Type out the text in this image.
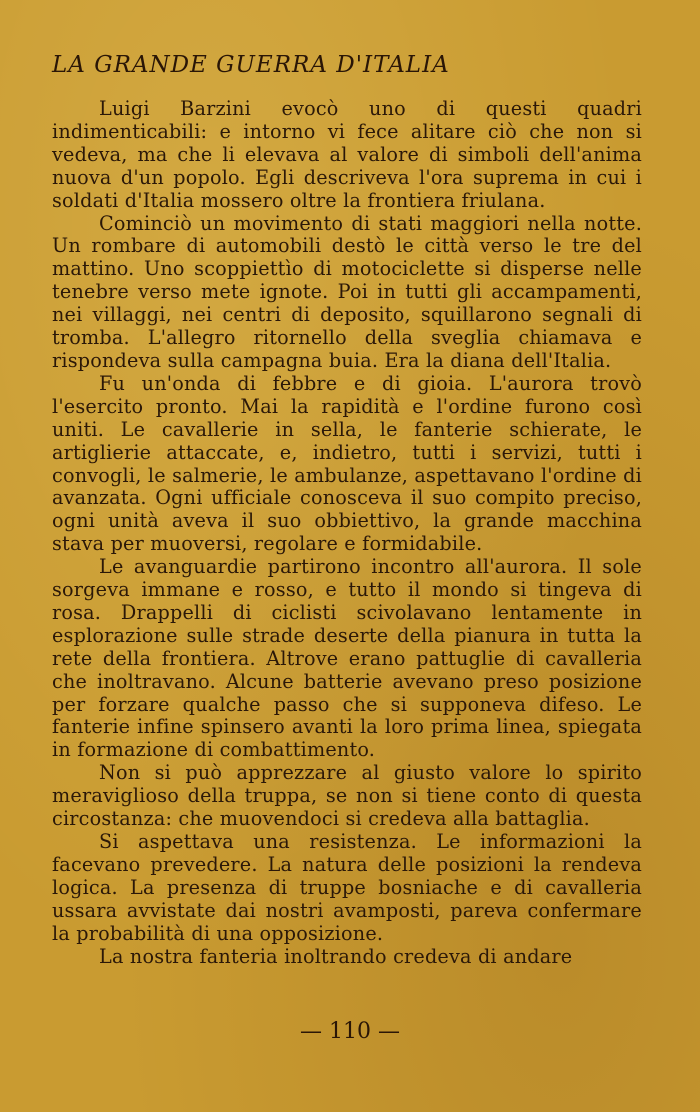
LA GRANDE GUERRA D'ITALIA

Luigi Barzini evocò uno di questi quadri indimenticabili: e intorno vi fece alitare ciò che non si vedeva, ma che li elevava al valore di simboli dell'anima nuova d'un popolo. Egli descriveva l'ora suprema in cui i soldati d'Italia mossero oltre la frontiera friulana.

Cominciò un movimento di stati maggiori nella notte. Un rombare di automobili destò le città verso le tre del mattino. Uno scoppiettìo di motociclette si disperse nelle tenebre verso mete ignote. Poi in tutti gli accampamenti, nei villaggi, nei centri di deposito, squillarono segnali di tromba. L'allegro ritornello della sveglia chiamava e rispondeva sulla campagna buia. Era la diana dell'Italia.

Fu un'onda di febbre e di gioia. L'aurora trovò l'esercito pronto. Mai la rapidità e l'ordine furono così uniti. Le cavallerie in sella, le fanterie schierate, le artiglierie attaccate, e, indietro, tutti i servizi, tutti i convogli, le salmerie, le ambulanze, aspettavano l'ordine di avanzata. Ogni ufficiale conosceva il suo compito preciso, ogni unità aveva il suo obbiettivo, la grande macchina stava per muoversi, regolare e formidabile.

Le avanguardie partirono incontro all'aurora. Il sole sorgeva immane e rosso, e tutto il mondo si tingeva di rosa. Drappelli di ciclisti scivolavano lentamente in esplorazione sulle strade deserte della pianura in tutta la rete della frontiera. Altrove erano pattuglie di cavalleria che inoltravano. Alcune batterie avevano preso posizione per forzare qualche passo che si supponeva difeso. Le fanterie infine spinsero avanti la loro prima linea, spiegata in formazione di combattimento.

Non si può apprezzare al giusto valore lo spirito meraviglioso della truppa, se non si tiene conto di questa circostanza: che muovendoci si credeva alla battaglia.

Si aspettava una resistenza. Le informazioni la facevano prevedere. La natura delle posizioni la rendeva logica. La presenza di truppe bosniache e di cavalleria ussara avvistate dai nostri avamposti, pareva confermare la probabilità di una opposizione.

La nostra fanteria inoltrando credeva di andare

— 110 —
